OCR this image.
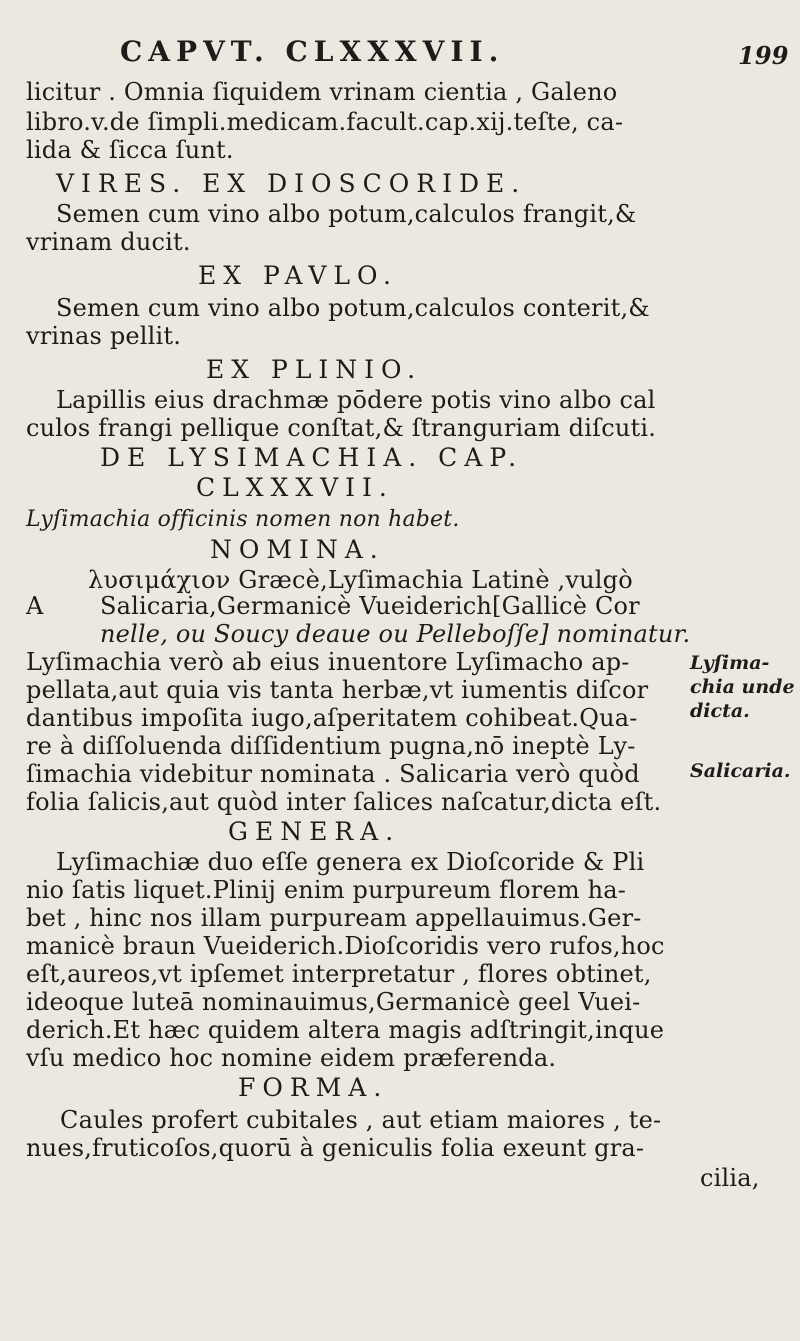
CAPVT. CLXXXVII.	199
licitur . Omnia ſiquidem vrinam cientia , Galeno
libro.v.de ſimpli.medicam.facult.cap.xij.teſte, ca-
lida & ſicca ſunt.
VIRES. EX DIOSCORIDE.
Semen cum vino albo potum,calculos frangit,&
vrinam ducit.
EX PAVLO.
Semen cum vino albo potum,calculos conterit,&
vrinas pellit.
EX PLINIO.
Lapillis eius drachmæ pōdere potis vino albo cal
culos frangi pellique conſtat,& ſtranguriam diſcuti.
DE LYSIMACHIA. CAP.
CLXXXVII.
Lyſimachia officinis nomen non habet.
NOMINA.
λυσιμάχιον Græcè,Lyſimachia Latinè ,vulgò
A Salicaria,Germanicè Vueiderich[Gallicè Cor
nelle, ou Soucy deaue ou Pelleboſſe] nominatur.
Lyſimachia verò ab eius inuentore Lyſimacho ap-
pellata,aut quia vis tanta herbæ,vt iumentis diſcor
dantibus impoſita iugo,aſperitatem cohibeat.Qua-
re à diſſoluenda diſſidentium pugna,nō ineptè Ly-
ſimachia videbitur nominata . Salicaria verò quòd
folia ſalicis,aut quòd inter ſalices naſcatur,dicta eſt.
GENERA.
Lyſimachiæ duo eſſe genera ex Dioſcoride & Pli
nio ſatis liquet.Plinij enim purpureum florem ha-
bet , hinc nos illam purpuream appellauimus.Ger-
manicè braun Vueiderich.Dioſcoridis vero rufos,hoc
eſt,aureos,vt ipſemet interpretatur , flores obtinet,
ideoque luteā nominauimus,Germanicè geel Vuei-
derich.Et hæc quidem altera magis adſtringit,inque
vſu medico hoc nomine eidem præferenda.
FORMA.
Caules profert cubitales , aut etiam maiores , te-
nues,fruticoſos,quorū à geniculis folia exeunt gra-
cilia,
Lyſima-
chia unde
dicta.
Salicaria.
